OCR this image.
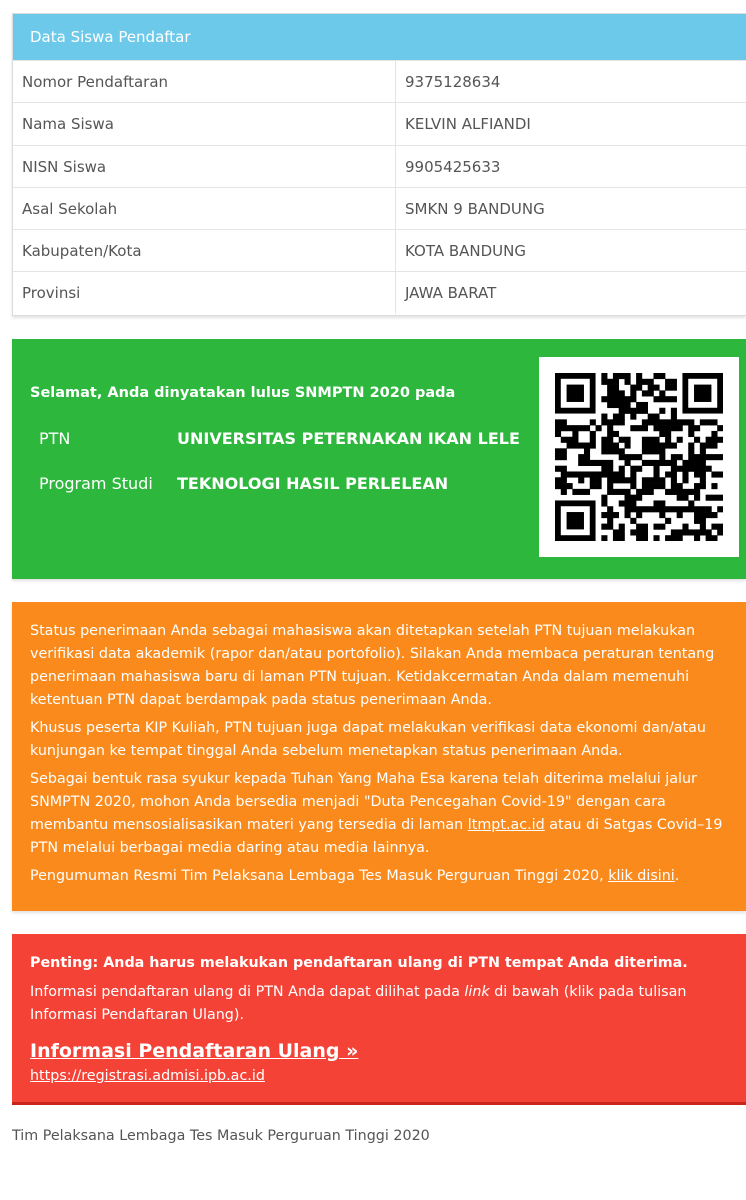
Data Siswa Pendaftar
Nomor Pendaftaran	9375128634
Nama Siswa	KELVIN ALFIANDI
NISN Siswa	9905425633
Asal Sekolah	SMKN 9 BANDUNG
Kabupaten/Kota	KOTA BANDUNG
Provinsi	JAWA BARAT
Selamat, Anda dinyatakan lulus SNMPTN 2020 pada
PTN	UNIVERSITAS PETERNAKAN IKAN LELE
Program Studi TEKNOLOGI HASIL PERLELEAN

Status penerimaan Anda sebagai mahasiswa akan ditetapkan setelah PTN tujuan melakukan verifikasi data akademik (rapor dan/atau portofolio). Silakan Anda membaca peraturan tentang penerimaan mahasiswa baru di laman PTN tujuan. Ketidakcermatan Anda dalam memenuhi ketentuan PTN dapat berdampak pada status penerimaan Anda.

Khusus peserta KIP Kuliah, PTN tujuan juga dapat melakukan verifikasi data ekonomi dan/atau kunjungan ke tempat tinggal Anda sebelum menetapkan status penerimaan Anda.

Sebagai bentuk rasa syukur kepada Tuhan Yang Maha Esa karena telah diterima melalui jalur SNMPTN 2020, mohon Anda bersedia menjadi "Duta Pencegahan Covid-19" dengan cara membantu mensosialisasikan materi yang tersedia di laman ltmpt.ac.id atau di Satgas Covid–19 PTN melalui berbagai media daring atau media lainnya.

Pengumuman Resmi Tim Pelaksana Lembaga Tes Masuk Perguruan Tinggi 2020, klik disini.

Penting: Anda harus melakukan pendaftaran ulang di PTN tempat Anda diterima.
Informasi pendaftaran ulang di PTN Anda dapat dilihat pada link di bawah (klik pada tulisan Informasi Pendaftaran Ulang).
Informasi Pendaftaran Ulang »
https://registrasi.admisi.ipb.ac.id
Tim Pelaksana Lembaga Tes Masuk Perguruan Tinggi 2020
